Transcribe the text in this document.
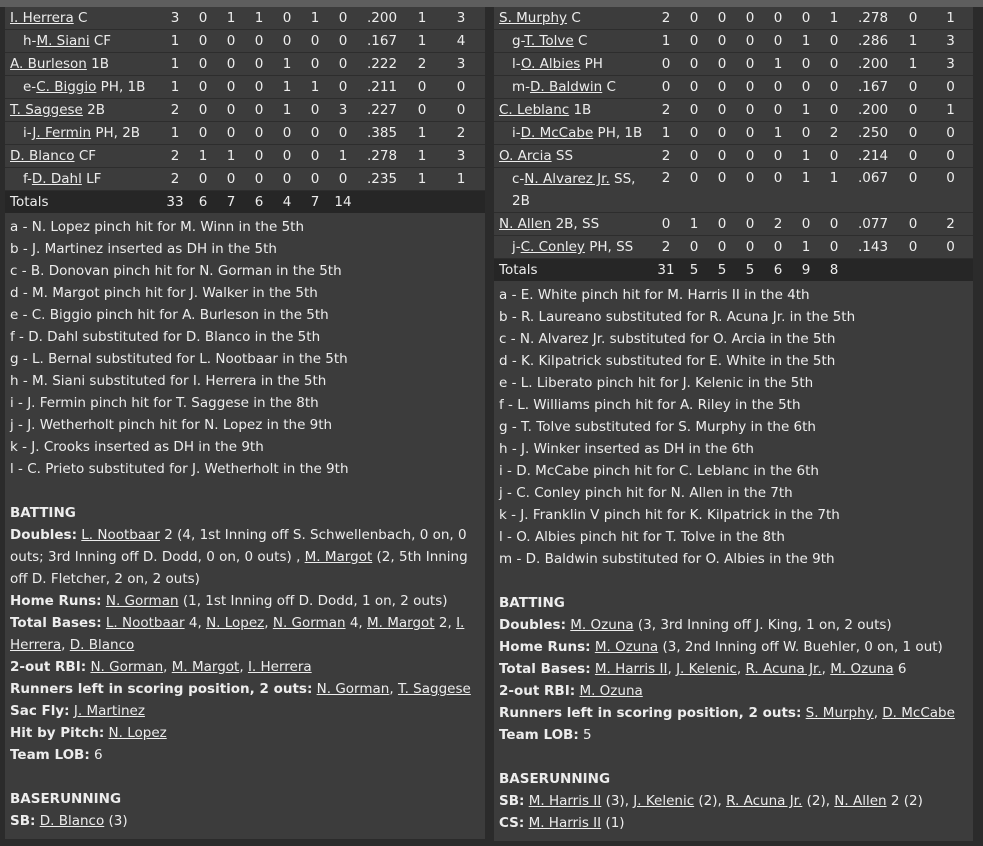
I. Herrera C	3	0	1	1	0	1	0	.200	1	3
h-M. Siani CF	1	0	0	0	0	0	0	.167	1	4
A. Burleson 1B	1	0	0	0	1	0	0	.222	2	3
e-C. Biggio PH, 1B	1	0	0	0	1	1	0	.211	0	0
T. Saggese 2B	2	0	0	0	1	0	3	.227	0	0
i-J. Fermin PH, 2B	1	0	0	0	0	0	0	.385	1	2
D. Blanco CF	2	1	1	0	0	0	1	.278	1	3
f-D. Dahl LF	2	0	0	0	0	0	0	.235	1	1
Totals	33	6	7	6	4	7	14			
a - N. Lopez pinch hit for M. Winn in the 5th
b - J. Martinez inserted as DH in the 5th
c - B. Donovan pinch hit for N. Gorman in the 5th
d - M. Margot pinch hit for J. Walker in the 5th
e - C. Biggio pinch hit for A. Burleson in the 5th
f - D. Dahl substituted for D. Blanco in the 5th
g - L. Bernal substituted for L. Nootbaar in the 5th
h - M. Siani substituted for I. Herrera in the 5th
i - J. Fermin pinch hit for T. Saggese in the 8th
j - J. Wetherholt pinch hit for N. Lopez in the 9th
k - J. Crooks inserted as DH in the 9th
l - C. Prieto substituted for J. Wetherholt in the 9th
BATTING
Doubles: L. Nootbaar 2 (4, 1st Inning off S. Schwellenbach, 0 on, 0 outs; 3rd Inning off D. Dodd, 0 on, 0 outs) , M. Margot (2, 5th Inning off D. Fletcher, 2 on, 2 outs)
Home Runs: N. Gorman (1, 1st Inning off D. Dodd, 1 on, 2 outs)
Total Bases: L. Nootbaar 4, N. Lopez, N. Gorman 4, M. Margot 2, I. Herrera, D. Blanco
2-out RBI: N. Gorman, M. Margot, I. Herrera
Runners left in scoring position, 2 outs: N. Gorman, T. Saggese
Sac Fly: J. Martinez
Hit by Pitch: N. Lopez
Team LOB: 6
BASERUNNING
SB: D. Blanco (3)
S. Murphy C	2	0	0	0	0	0	1	.278	0	1
g-T. Tolve C	1	0	0	0	0	1	0	.286	1	3
l-O. Albies PH	0	0	0	0	1	0	0	.200	1	3
m-D. Baldwin C	0	0	0	0	0	0	0	.167	0	0
C. Leblanc 1B	2	0	0	0	0	1	0	.200	0	1
i-D. McCabe PH, 1B	1	0	0	0	1	0	2	.250	0	0
O. Arcia SS	2	0	0	0	0	1	0	.214	0	0
c-N. Alvarez Jr. SS, 2B	2	0	0	0	0	1	1	.067	0	0
N. Allen 2B, SS	0	1	0	0	2	0	0	.077	0	2
j-C. Conley PH, SS	2	0	0	0	0	1	0	.143	0	0
Totals	31	5	5	5	6	9	8			
a - E. White pinch hit for M. Harris II in the 4th
b - R. Laureano substituted for R. Acuna Jr. in the 5th
c - N. Alvarez Jr. substituted for O. Arcia in the 5th
d - K. Kilpatrick substituted for E. White in the 5th
e - L. Liberato pinch hit for J. Kelenic in the 5th
f - L. Williams pinch hit for A. Riley in the 5th
g - T. Tolve substituted for S. Murphy in the 6th
h - J. Winker inserted as DH in the 6th
i - D. McCabe pinch hit for C. Leblanc in the 6th
j - C. Conley pinch hit for N. Allen in the 7th
k - J. Franklin V pinch hit for K. Kilpatrick in the 7th
l - O. Albies pinch hit for T. Tolve in the 8th
m - D. Baldwin substituted for O. Albies in the 9th
BATTING
Doubles: M. Ozuna (3, 3rd Inning off J. King, 1 on, 2 outs)
Home Runs: M. Ozuna (3, 2nd Inning off W. Buehler, 0 on, 1 out)
Total Bases: M. Harris II, J. Kelenic, R. Acuna Jr., M. Ozuna 6
2-out RBI: M. Ozuna
Runners left in scoring position, 2 outs: S. Murphy, D. McCabe
Team LOB: 5
BASERUNNING
SB: M. Harris II (3), J. Kelenic (2), R. Acuna Jr. (2), N. Allen 2 (2)
CS: M. Harris II (1)
